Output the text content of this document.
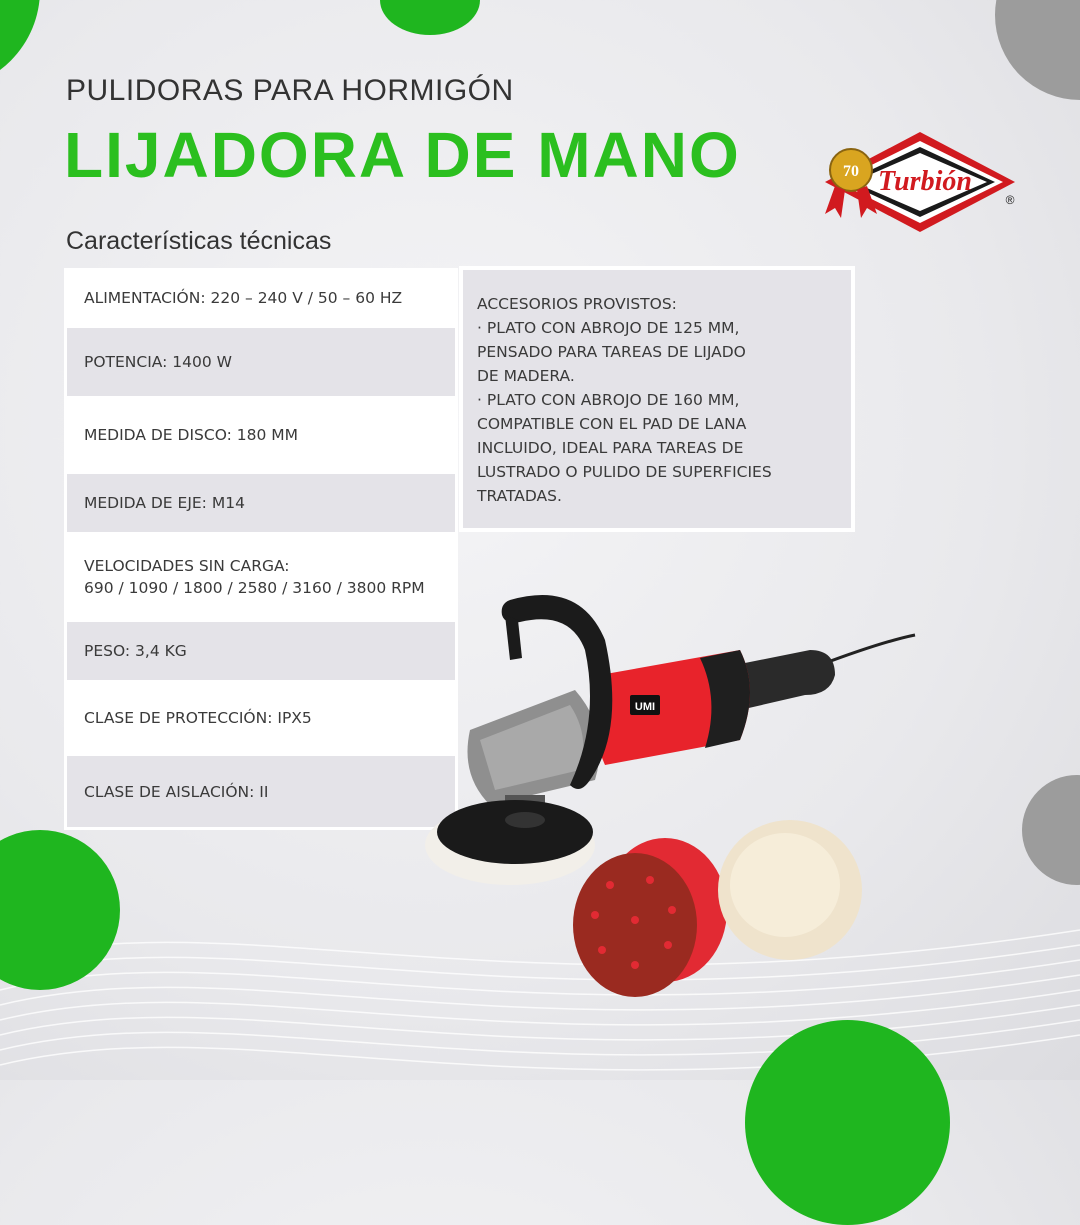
PULIDORAS PARA HORMIGÓN
LIJADORA DE MANO
Características técnicas
Turbión
70
®
ALIMENTACIÓN: 220 – 240 V / 50 – 60 HZ
POTENCIA: 1400 W
MEDIDA DE DISCO: 180 MM
MEDIDA DE EJE: M14
VELOCIDADES SIN CARGA:
690 / 1090 / 1800 / 2580 / 3160 / 3800 RPM
PESO: 3,4 KG
CLASE DE PROTECCIÓN: IPX5
CLASE DE AISLACIÓN: II
ACCESORIOS PROVISTOS:
· PLATO CON ABROJO DE 125 MM,
PENSADO PARA TAREAS DE LIJADO
DE MADERA.
· PLATO CON ABROJO DE 160 MM,
COMPATIBLE CON EL PAD DE LANA
INCLUIDO, IDEAL PARA TAREAS DE
LUSTRADO O PULIDO DE SUPERFICIES
TRATADAS.
UMI
